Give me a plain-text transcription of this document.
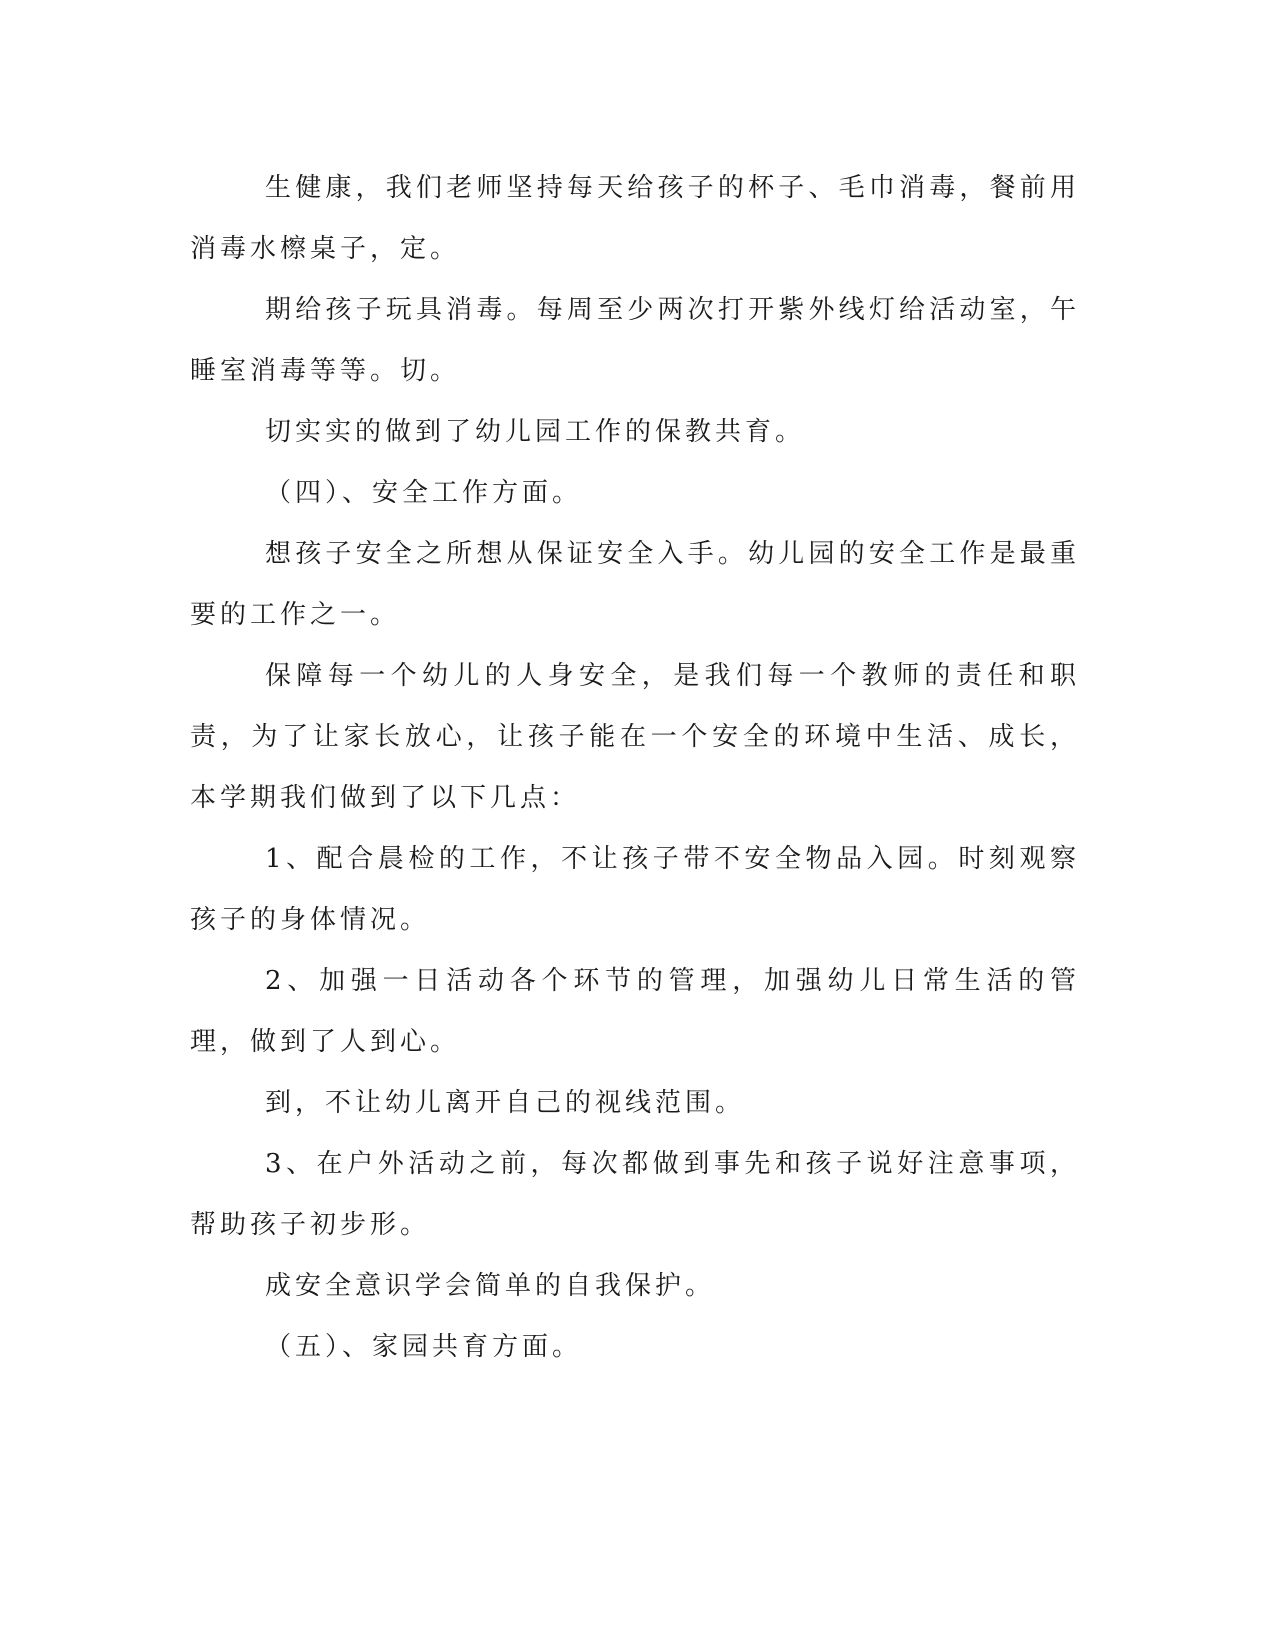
生健康，我们老师坚持每天给孩子的杯子、毛巾消毒，餐前用消毒水檫桌子，定。

期给孩子玩具消毒。每周至少两次打开紫外线灯给活动室，午睡室消毒等等。切。

切实实的做到了幼儿园工作的保教共育。

（四）、安全工作方面。

想孩子安全之所想从保证安全入手。幼儿园的安全工作是最重要的工作之一。

保障每一个幼儿的人身安全，是我们每一个教师的责任和职责，为了让家长放心，让孩子能在一个安全的环境中生活、成长，本学期我们做到了以下几点：

1、配合晨检的工作，不让孩子带不安全物品入园。时刻观察孩子的身体情况。

2、加强一日活动各个环节的管理，加强幼儿日常生活的管理，做到了人到心。

到，不让幼儿离开自己的视线范围。

3、在户外活动之前，每次都做到事先和孩子说好注意事项，帮助孩子初步形。

成安全意识学会简单的自我保护。

（五）、家园共育方面。
